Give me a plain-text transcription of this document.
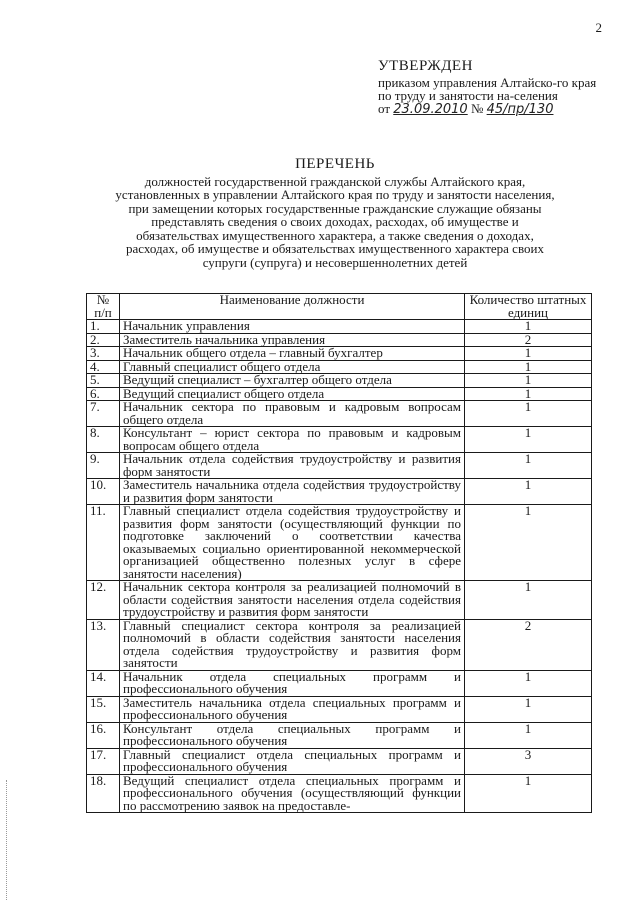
2
УТВЕРЖДЕН
приказом управления Алтайско-го края по труду и занятости на-селения
от 23.09.2010 № 45/пр/130
ПЕРЕЧЕНЬ
должностей государственной гражданской службы Алтайского края, установленных в управлении Алтайского края по труду и занятости населения, при замещении которых государственные гражданские служащие обязаны представлять сведения о своих доходах, расходах, об имуществе и обязательствах имущественного характера, а также сведения о доходах, расходах, об имуществе и обязательствах имущественного характера своих супруги (супруга) и несовершеннолетних детей
№ п/п	Наименование должности	Количество штатных единиц
1.	Начальник управления	1
2.	Заместитель начальника управления	2
3.	Начальник общего отдела – главный бухгалтер	1
4.	Главный специалист общего отдела	1
5.	Ведущий специалист – бухгалтер общего отдела	1
6.	Ведущий специалист общего отдела	1
7.	Начальник сектора по правовым и кадровым вопросам общего отдела	1
8.	Консультант – юрист сектора по правовым и кадровым вопросам общего отдела	1
9.	Начальник отдела содействия трудоустройству и развития форм занятости	1
10.	Заместитель начальника отдела содействия трудоустройству и развития форм занятости	1
11.	Главный специалист отдела содействия трудоустройству и развития форм занятости (осуществляющий функции по подготовке заключений о соответствии качества оказываемых социально ориентированной некоммерческой организацией общественно полезных услуг в сфере занятости населения)	1
12.	Начальник сектора контроля за реализацией полномочий в области содействия занятости населения отдела содействия трудоустройству и развития форм занятости	1
13.	Главный специалист сектора контроля за реализацией полномочий в области содействия занятости населения отдела содействия трудоустройству и развития форм занятости	2
14.	Начальник отдела специальных программ и профессионального обучения	1
15.	Заместитель начальника отдела специальных программ и профессионального обучения	1
16.	Консультант отдела специальных программ и профессионального обучения	1
17.	Главный специалист отдела специальных программ и профессионального обучения	3
18.	Ведущий специалист отдела специальных программ и профессионального обучения (осуществляющий функции по рассмотрению заявок на предоставле-	1
